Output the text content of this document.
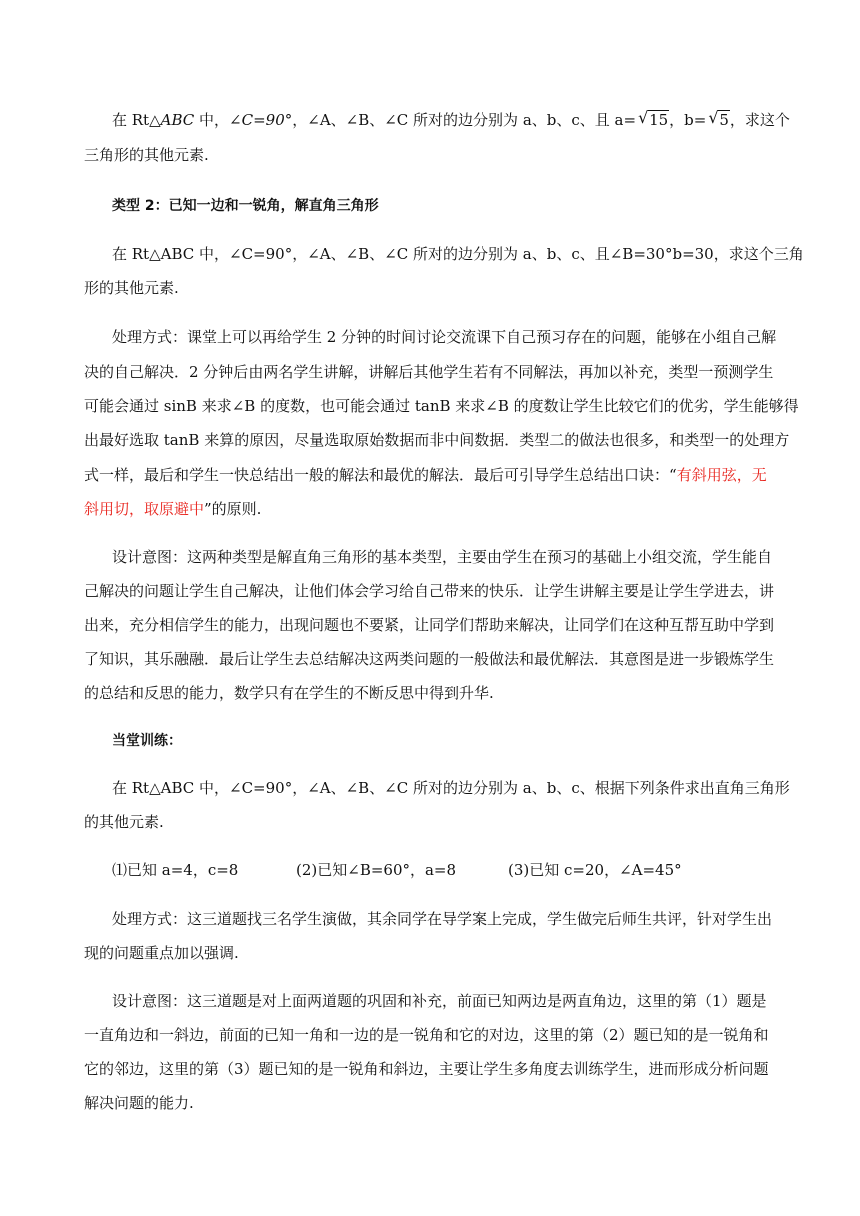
在 Rt△ABC 中，∠C=90°，∠A、∠B、∠C 所对的边分别为 a、b、c、且 a= √ 15，b= √ 5，求这个
三角形的其他元素.
类型 2：已知一边和一锐角，解直角三角形
在 Rt△ABC 中，∠C=90°，∠A、∠B、∠C 所对的边分别为 a、b、c、且∠B=30°b=30，求这个三角
形的其他元素.
处理方式：课堂上可以再给学生 2 分钟的时间讨论交流课下自己预习存在的问题，能够在小组自己解
决的自己解决．2 分钟后由两名学生讲解，讲解后其他学生若有不同解法，再加以补充，类型一预测学生
可能会通过 sinB 来求∠B 的度数，也可能会通过 tanB 来求∠B 的度数让学生比较它们的优劣，学生能够得
出最好选取 tanB 来算的原因，尽量选取原始数据而非中间数据．类型二的做法也很多，和类型一的处理方
式一样，最后和学生一快总结出一般的解法和最优的解法．最后可引导学生总结出口诀：“有斜用弦，无
斜用切，取原避中”的原则.
设计意图：这两种类型是解直角三角形的基本类型，主要由学生在预习的基础上小组交流，学生能自
己解决的问题让学生自己解决，让他们体会学习给自己带来的快乐．让学生讲解主要是让学生学进去，讲
出来，充分相信学生的能力，出现问题也不要紧，让同学们帮助来解决，让同学们在这种互帮互助中学到
了知识，其乐融融．最后让学生去总结解决这两类问题的一般做法和最优解法．其意图是进一步锻炼学生
的总结和反思的能力，数学只有在学生的不断反思中得到升华.
当堂训练：
在 Rt△ABC 中，∠C=90°，∠A、∠B、∠C 所对的边分别为 a、b、c、根据下列条件求出直角三角形
的其他元素.
⑴已知 a=4，c=8	(2)已知∠B=60°，a=8	(3)已知 c=20，∠A=45°
处理方式：这三道题找三名学生演做，其余同学在导学案上完成，学生做完后师生共评，针对学生出
现的问题重点加以强调.
设计意图：这三道题是对上面两道题的巩固和补充，前面已知两边是两直角边，这里的第（1）题是
一直角边和一斜边，前面的已知一角和一边的是一锐角和它的对边，这里的第（2）题已知的是一锐角和
它的邻边，这里的第（3）题已知的是一锐角和斜边，主要让学生多角度去训练学生，进而形成分析问题
解决问题的能力.
